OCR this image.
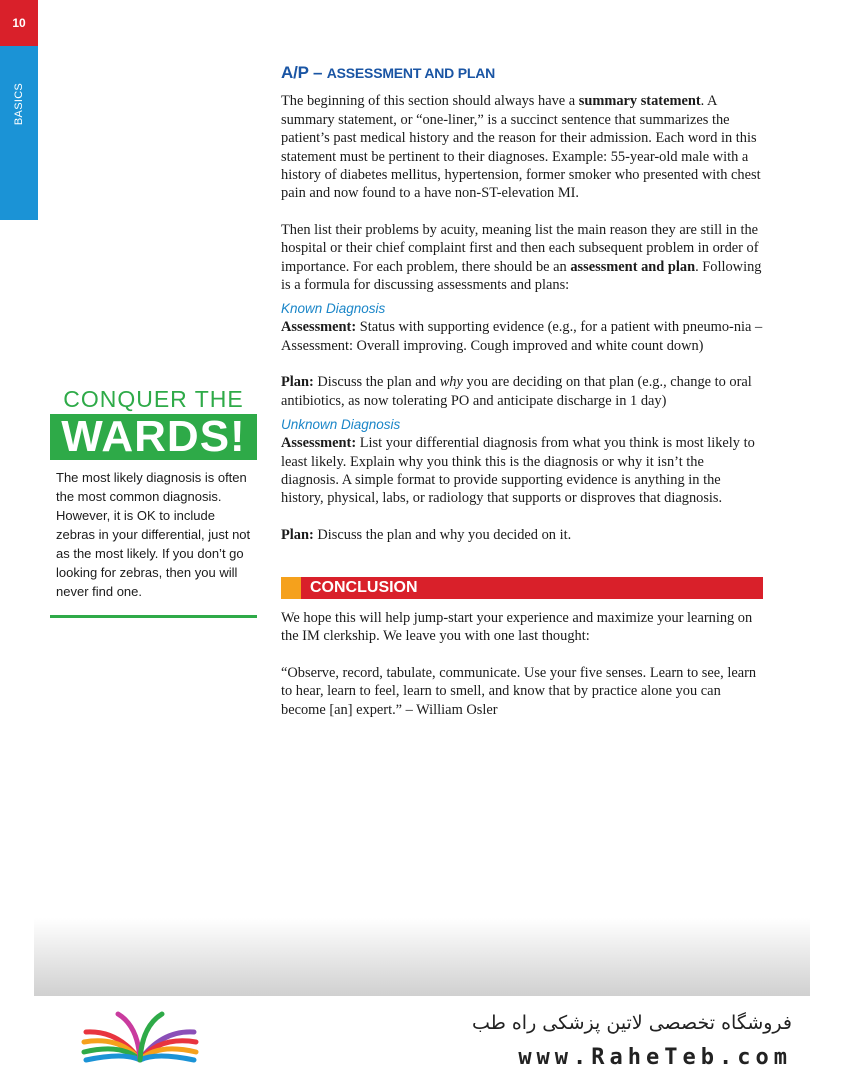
10
BASICS
A/P – ASSESSMENT AND PLAN

The beginning of this section should always have a summary statement. A summary statement, or “one-liner,” is a succinct sentence that summarizes the patient’s past medical history and the reason for their admission. Each word in this statement must be pertinent to their diagnoses. Example: 55-year-old male with a history of diabetes mellitus, hypertension, former smoker who presented with chest pain and now found to a have non-ST-elevation MI.

Then list their problems by acuity, meaning list the main reason they are still in the hospital or their chief complaint first and then each subsequent problem in order of importance. For each problem, there should be an assessment and plan. Following is a formula for discussing assessments and plans:

Known Diagnosis

Assessment: Status with supporting evidence (e.g., for a patient with pneumo-nia – Assessment: Overall improving. Cough improved and white count down)

Plan: Discuss the plan and why you are deciding on that plan (e.g., change to oral antibiotics, as now tolerating PO and anticipate discharge in 1 day)

Unknown Diagnosis

Assessment: List your differential diagnosis from what you think is most likely to least likely. Explain why you think this is the diagnosis or why it isn’t the diagnosis. A simple format to provide supporting evidence is anything in the history, physical, labs, or radiology that supports or disproves that diagnosis.

Plan: Discuss the plan and why you decided on it.

CONCLUSION

We hope this will help jump-start your experience and maximize your learning on the IM clerkship. We leave you with one last thought:

“Observe, record, tabulate, communicate. Use your five senses. Learn to see, learn to hear, learn to feel, learn to smell, and know that by practice alone you can become [an] expert.” – William Osler

CONQUER THE
WARDS!
The most likely diagnosis is often the most common diagnosis. However, it is OK to include zebras in your differential, just not as the most likely. If you don’t go looking for zebras, then you will never find one.
فروشگاه تخصصی لاتین پزشکی راه طب
www.RaheTeb.com
